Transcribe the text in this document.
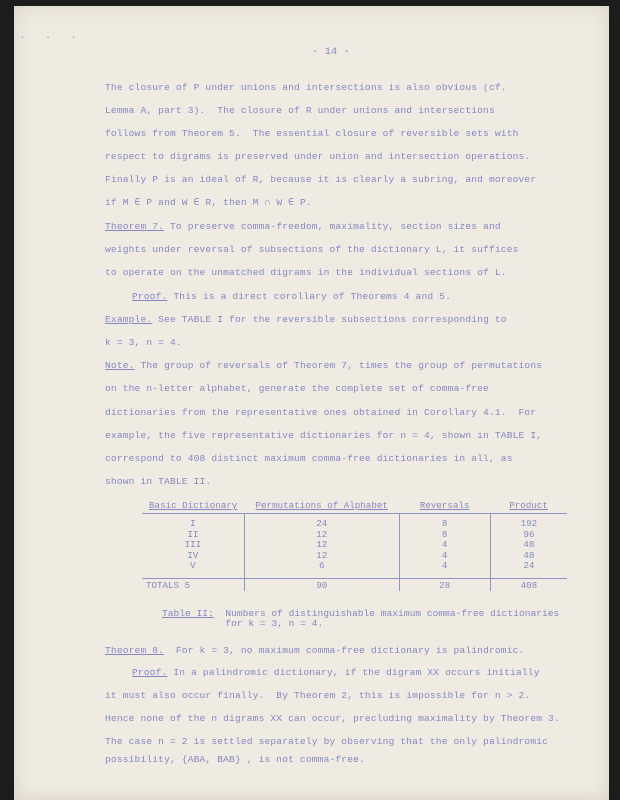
. . .
- 14 -
The closure of P under unions and intersections is also obvious (cf.
Lemma A, part 3).  The closure of R under unions and intersections
follows from Theorem 5.  The essential closure of reversible sets with
respect to digrams is preserved under union and intersection operations.
Finally P is an ideal of R, because it is clearly a subring, and moreover
if M ∈ P and W ∈ R, then M ∩ W ∈ P.
Theorem 7. To preserve comma-freedom, maximality, section sizes and
weights under reversal of subsections of the dictionary L, it suffices
to operate on the unmatched digrams in the individual sections of L.
Proof. This is a direct corollary of Theorems 4 and 5.
Example. See TABLE I for the reversible subsections corresponding to
k = 3, n = 4.
Note. The group of reversals of Theorem 7, times the group of permutations
on the n-letter alphabet, generate the complete set of comma-free
dictionaries from the representative ones obtained in Corollary 4.1.  For
example, the five representative dictionaries for n = 4, shown in TABLE I,
correspond to 408 distinct maximum comma-free dictionaries in all, as
shown in TABLE II.
Basic Dictionary	Permutations of Alphabet	Reversals	Product
I	24	8	192
II	12	8	96
III	12	4	48
IV	12	4	48
V	6	4	24
TOTALS 5	90	28	408
Table II:  Numbers of distinguishable maximum comma-free dictionaries
for k = 3, n = 4.
Theorem 8.  For k = 3, no maximum comma-free dictionary is palindromic.
Proof. In a palindromic dictionary, if the digram XX occurs initially
it must also occur finally.  By Theorem 2, this is impossible for n > 2.
Hence none of the n digrams XX can occur, precluding maximality by Theorem 3.
The case n = 2 is settled separately by observing that the only palindromic
possibility, {ABA, BAB} , is not comma-free.
